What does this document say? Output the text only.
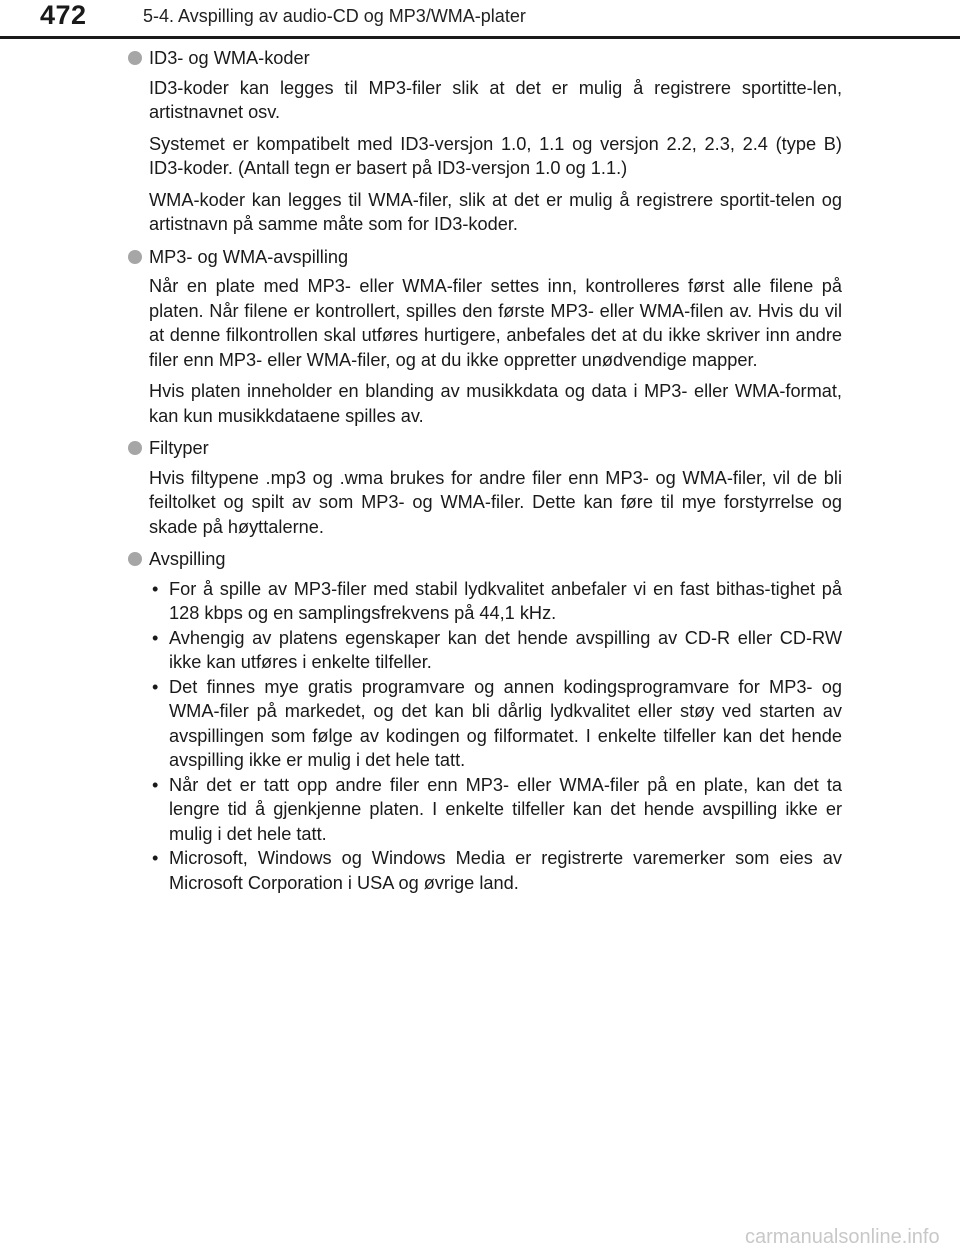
472	5-4. Avspilling av audio-CD og MP3/WMA-plater
ID3- og WMA-koder

ID3-koder kan legges til MP3-filer slik at det er mulig å registrere sportitte-len, artistnavnet osv.

Systemet er kompatibelt med ID3-versjon 1.0, 1.1 og versjon 2.2, 2.3, 2.4 (type B) ID3-koder. (Antall tegn er basert på ID3-versjon 1.0 og 1.1.)

WMA-koder kan legges til WMA-filer, slik at det er mulig å registrere sportit-telen og artistnavn på samme måte som for ID3-koder.

MP3- og WMA-avspilling

Når en plate med MP3- eller WMA-filer settes inn, kontrolleres først alle filene på platen. Når filene er kontrollert, spilles den første MP3- eller WMA-filen av. Hvis du vil at denne filkontrollen skal utføres hurtigere, anbefales det at du ikke skriver inn andre filer enn MP3- eller WMA-filer, og at du ikke oppretter unødvendige mapper.

Hvis platen inneholder en blanding av musikkdata og data i MP3- eller WMA-format, kan kun musikkdataene spilles av.

Filtyper

Hvis filtypene .mp3 og .wma brukes for andre filer enn MP3- og WMA-filer, vil de bli feiltolket og spilt av som MP3- og WMA-filer. Dette kan føre til mye forstyrrelse og skade på høyttalerne.

Avspilling
• For å spille av MP3-filer med stabil lydkvalitet anbefaler vi en fast bithas-tighet på 128 kbps og en samplingsfrekvens på 44,1 kHz.
• Avhengig av platens egenskaper kan det hende avspilling av CD-R eller CD-RW ikke kan utføres i enkelte tilfeller.
• Det finnes mye gratis programvare og annen kodingsprogramvare for MP3- og WMA-filer på markedet, og det kan bli dårlig lydkvalitet eller støy ved starten av avspillingen som følge av kodingen og filformatet. I enkelte tilfeller kan det hende avspilling ikke er mulig i det hele tatt.
• Når det er tatt opp andre filer enn MP3- eller WMA-filer på en plate, kan det ta lengre tid å gjenkjenne platen. I enkelte tilfeller kan det hende avspilling ikke er mulig i det hele tatt.
• Microsoft, Windows og Windows Media er registrerte varemerker som eies av Microsoft Corporation i USA og øvrige land.
carmanualsonline.info
